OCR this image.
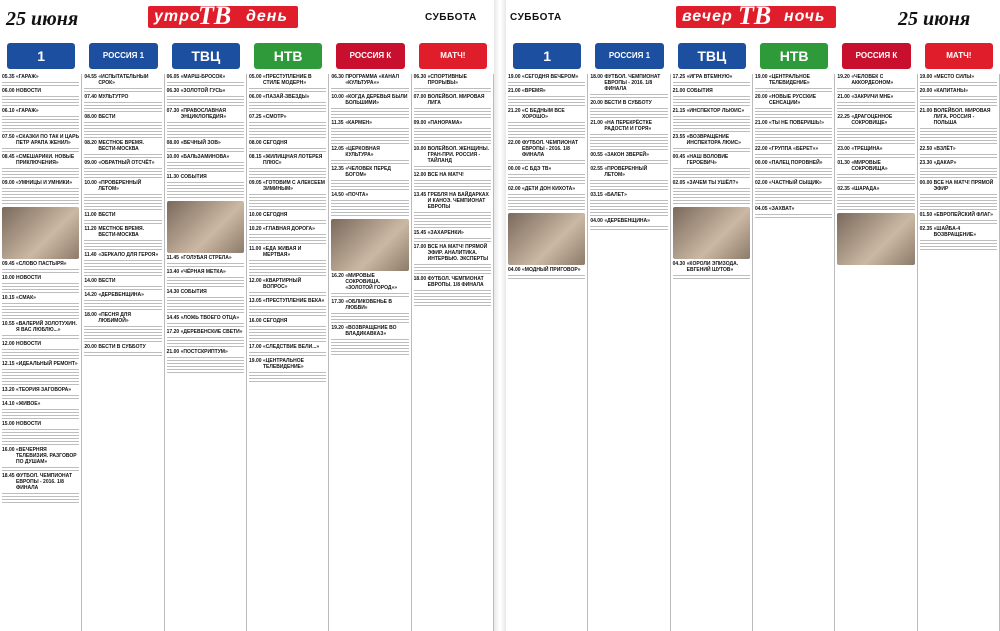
25 июня	утро
ТВ день	СУББОТА
1	РОССИЯ 1	ТВЦ	НТВ	РОССИЯ К	МАТЧ!
05.35 «ГАРАЖ»
06.00 НОВОСТИ
06.10 «ГАРАЖ»
07.50 «СКАЗКИ ПО ТАК И ЦАРЬ ПЕТР АРАПА ЖЕНИЛ»
08.45 «СМЕШАРИКИ. НОВЫЕ ПРИКЛЮЧЕНИЯ»
09.00 «УМНИЦЫ И УМНИКИ»
09.45 «СЛОВО ПАСТЫРЯ»
10.00 НОВОСТИ
10.15 «СМАК»
10.55 «ВАЛЕРИЙ ЗОЛОТУХИН. Я ВАС ЛЮБЛЮ...»
12.00 НОВОСТИ
12.15 «ИДЕАЛЬНЫЙ РЕМОНТ»
13.20 «ТЕОРИЯ ЗАГОВОРА»
14.10 «ЖИВОЕ»
15.00 НОВОСТИ
16.00 «ВЕЧЕРНЯЯ ТЕЛЕВИЗИЯ. РАЗГОВОР ПО ДУШАМ»
18.45 ФУТБОЛ. ЧЕМПИОНАТ ЕВРОПЫ - 2016. 1/8 ФИНАЛА
04.55 «ИСПЫТАТЕЛЬНЫЙ СРОК»
07.40 МУЛЬТУТРО
08.00 ВЕСТИ
08.20 МЕСТНОЕ ВРЕМЯ. ВЕСТИ-МОСКВА
09.00 «ОБРАТНЫЙ ОТСЧЁТ»
10.00 «ПРОВЕРЕННЫЙ ЛЕТОМ»
11.00 ВЕСТИ
11.20 МЕСТНОЕ ВРЕМЯ. ВЕСТИ-МОСКВА
11.40 «ЗЕРКАЛО ДЛЯ ГЕРОЯ»
14.00 ВЕСТИ
14.20 «ДЕРЕВЕНЩИНА»
18.00 «ПЕСНЯ ДЛЯ ЛЮБИМОЙ»
20.00 ВЕСТИ В СУББОТУ
06.05 «МАРШ-БРОСОК»
06.30 «ЗОЛОТОЙ ГУСЬ»
07.30 «ПРАВОСЛАВНАЯ ЭНЦИКЛОПЕДИЯ»
08.00 «ВЕЧНЫЙ ЗОВ»
10.00 «БАЛЬЗАМИНОВА»
11.30 СОБЫТИЯ
11.45 «ГОЛУБАЯ СТРЕЛА»
13.40 «ЧЁРНАЯ МЕТКА»
14.30 СОБЫТИЯ
14.45 «ЛОЖЬ ТВОЕГО ОТЦА»
17.20 «ДЕРЕВЕНСКИЕ СВЕТИ»
21.00 «ПОСТСКРИПТУМ»
05.00 «ПРЕСТУПЛЕНИЕ В СТИЛЕ МОДЕРН»
06.00 «ПАЗАЙ-ЗВЕЗДЫ»
07.25 «СМОТР»
08.00 СЕГОДНЯ
08.15 «ЖИЛИЩНАЯ ЛОТЕРЕЯ ПЛЮС»
09.05 «ГОТОВИМ С АЛЕКСЕЕМ ЗИМИНЫМ»
10.00 СЕГОДНЯ
10.20 «ГЛАВНАЯ ДОРОГА»
11.00 «ЕДА ЖИВАЯ И МЕРТВАЯ»
12.00 «КВАРТИРНЫЙ ВОПРОС»
13.05 «ПРЕСТУПЛЕНИЕ ВЕКА»
16.00 СЕГОДНЯ
17.00 «СЛЕДСТВИЕ ВЕЛИ...»
19.00 «ЦЕНТРАЛЬНОЕ ТЕЛЕВИДЕНИЕ»
06.30 ПРОГРАММА «КАНАЛ «КУЛЬТУРА»»
10.00 «КОГДА ДЕРЕВЬЯ БЫЛИ БОЛЬШИМИ»
11.35 «КАРМЕН»
12.05 «ЦЕРКОВНАЯ КУЛЬТУРА»
12.35 «ЧЕЛОВЕК ПЕРЕД БОГОМ»
14.50 «ПОЧТА»
16.20 «МИРОВЫЕ СОКРОВИЩА. «ЗОЛОТОЙ ГОРОД»»
17.30 «ОБЛИКОВЕНЬЕ В ЛЮБВИ»
19.20 «ВОЗВРАЩЕНИЕ ВО ВЛАДИКАВКАЗ»
06.30 «СПОРТИВНЫЕ ПРОРЫВЫ»
07.00 ВОЛЕЙБОЛ. МИРОВАЯ ЛИГА
09.00 «ПАНОРАМА»
10.00 ВОЛЕЙБОЛ. ЖЕНЩИНЫ. ГРАН-ПРИ. РОССИЯ - ТАЙЛАНД
12.00 ВСЕ НА МАТЧ!
13.45 ГРЕБЛЯ НА БАЙДАРКАХ И КАНОЭ. ЧЕМПИОНАТ ЕВРОПЫ
15.45 «ЗАХАРЕНКИ»
17.00 ВСЕ НА МАТЧ! ПРЯМОЙ ЭФИР. АНАЛИТИКА. ИНТЕРВЬЮ. ЭКСПЕРТЫ
18.00 ФУТБОЛ. ЧЕМПИОНАТ ЕВРОПЫ. 1/8 ФИНАЛА
СУББОТА	вечер ТВ ночь	25 июня
1	РОССИЯ 1	ТВЦ	НТВ	РОССИЯ К	МАТЧ!
19.00 «СЕГОДНЯ ВЕЧЕРОМ»
21.00 «ВРЕМЯ»
21.20 «С БЕДНЫМ ВСЕ ХОРОШО»
22.00 ФУТБОЛ. ЧЕМПИОНАТ ЕВРОПЫ - 2016. 1/8 ФИНАЛА
00.00 «С БДЭ ТВ»
02.00 «ДЕТИ ДОН КИХОТА»
04.00 «МОДНЫЙ ПРИГОВОР»
18.00 ФУТБОЛ. ЧЕМПИОНАТ ЕВРОПЫ - 2016. 1/8 ФИНАЛА
20.00 ВЕСТИ В СУББОТУ
21.00 «НА ПЕРЕКРЁСТКЕ РАДОСТИ И ГОРЯ»
00.55 «ЗАКОН ЗВЕРЕЙ»
02.55 «ПРОВЕРЕННЫЙ ЛЕТОМ»
03.15 «БАЛЕТ»
04.00 «ДЕРЕВЕНЩИНА»
17.25 «ИГРА ВТЕМНУЮ»
21.00 СОБЫТИЯ
21.15 «ИНСПЕКТОР ЛЬЮИС»
23.55 «ВОЗВРАЩЕНИЕ ИНСПЕКТОРА ЛЮИС»
00.45 «НАШ ВОЛОВИЕ ГЕРОЕВИЧ»
02.05 «ЗАЧЕМ ТЫ УШЁЛ?»
04.30 «КОРОЛИ ЭПИЗОДА. ЕВГЕНИЙ ШУТОВ»
19.00 «ЦЕНТРАЛЬНОЕ ТЕЛЕВИДЕНИЕ»
20.00 «НОВЫЕ РУССКИЕ СЕНСАЦИИ»
21.00 «ТЫ НЕ ПОВЕРИШЬ!»
22.00 «ГРУППА «БЕРЕТ»»
00.00 «ПАЛЕЦ ПОРОВНЕЙ»
02.00 «ЧАСТНЫЙ СЫЩИК»
04.05 «ЗАХВАТ»
19.20 «ЧЕЛОВЕК С АККОРДЕОНОМ»
21.00 «ЗАКРИЧИ МНЕ»
22.25 «ДРАГОЦЕННОЕ СОКРОВИЩЕ»
23.00 «ТРЕЩИНА»
01.30 «МИРОВЫЕ СОКРОВИЩА»
02.35 «ШАРАДА»
19.00 «МЕСТО СИЛЫ»
20.00 «КАПИТАНЫ»
21.00 ВОЛЕЙБОЛ. МИРОВАЯ ЛИГА. РОССИЯ - ПОЛЬША
22.50 «ВЗЛЁТ»
23.30 «ДАКАР»
00.00 ВСЕ НА МАТЧ! ПРЯМОЙ ЭФИР
01.50 «ЕВРОПЕЙСКИЙ ФЛАГ»
02.35 «ШАЙБА-4 ВОЗВРАЩЕНИЕ»
